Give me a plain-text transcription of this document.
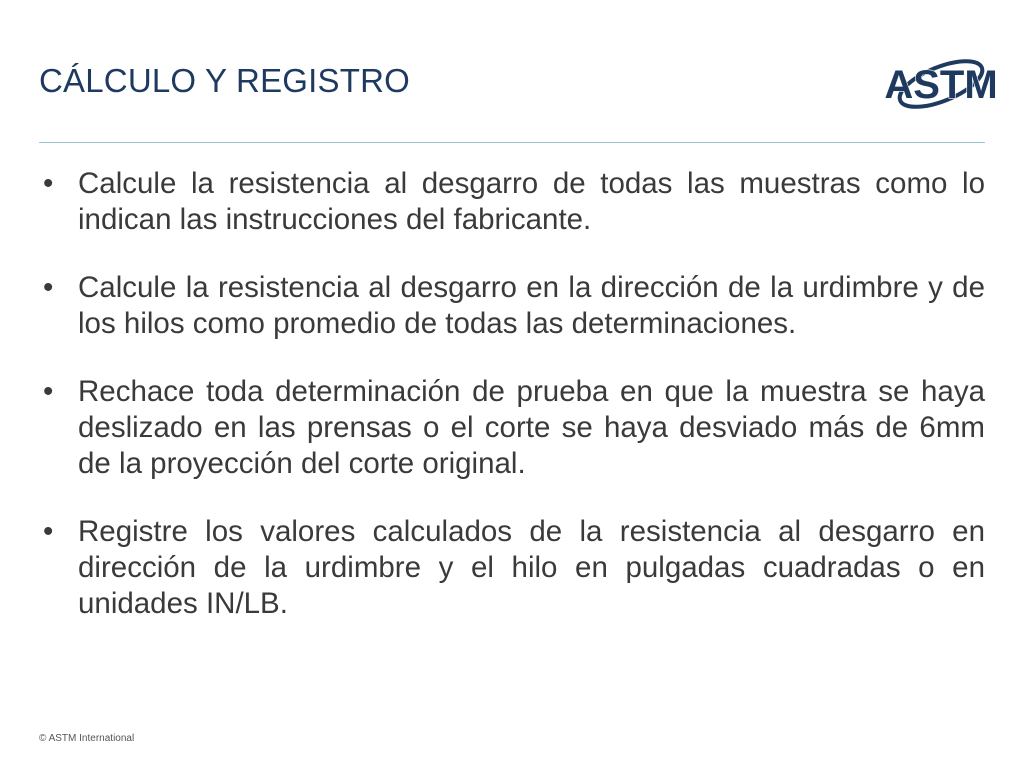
CÁLCULO Y REGISTRO	ASTM
• Calcule la resistencia al desgarro de todas las muestras como lo indican las instrucciones del fabricante.
• Calcule la resistencia al desgarro en la dirección de la urdimbre y de los hilos como promedio de todas las determinaciones.
• Rechace toda determinación de prueba en que la muestra se haya deslizado en las prensas o el corte se haya desviado más de 6mm de la proyección del corte original.
• Registre los valores calculados de la resistencia al desgarro en dirección de la urdimbre y el hilo en pulgadas cuadradas o en unidades IN/LB.
© ASTM International
